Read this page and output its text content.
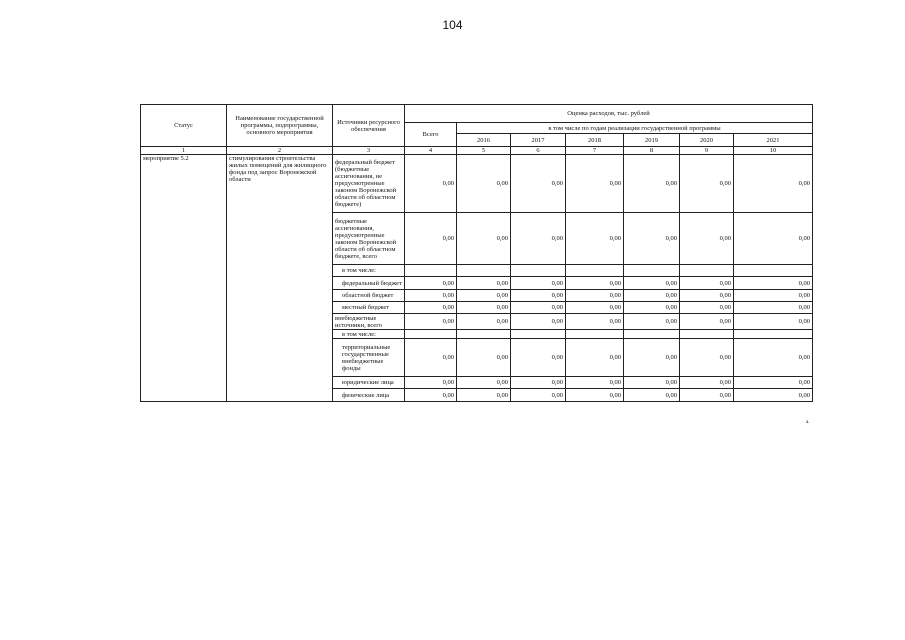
104
Статус	Наименование государственной программы, подпрограммы, основного мероприятия	Источники ресурсного обеспечения	Оценка расходов, тыс. рублей						
			Всего	в том числе по годам реализации государственной программы					
				2016	2017	2018	2019	2020	2021
1	2	3	4	5	6	7	8	9	10
мероприятие 5.2	стимулирования строительства жилых помещений для жилищного фонда под запрос Воронежской области	федеральный бюджет (бюджетные ассигнования, не предусмотренные законом Воронежской области об областном бюджете)	0,00	0,00	0,00	0,00	0,00	0,00	0,00
		бюджетные ассигнования, предусмотренные законом Воронежской области об областном бюджете, всего	0,00	0,00	0,00	0,00	0,00	0,00	0,00
		в том числе:							
		федеральный бюджет	0,00	0,00	0,00	0,00	0,00	0,00	0,00
		областной бюджет	0,00	0,00	0,00	0,00	0,00	0,00	0,00
		местный бюджет	0,00	0,00	0,00	0,00	0,00	0,00	0,00
		внебюджетные источники, всего	0,00	0,00	0,00	0,00	0,00	0,00	0,00
		в том числе:							
		территориальные государственные внебюджетные фонды	0,00	0,00	0,00	0,00	0,00	0,00	0,00
		юридические лица	0,00	0,00	0,00	0,00	0,00	0,00	0,00
		физические лица	0,00	0,00	0,00	0,00	0,00	0,00	0,00
а.
